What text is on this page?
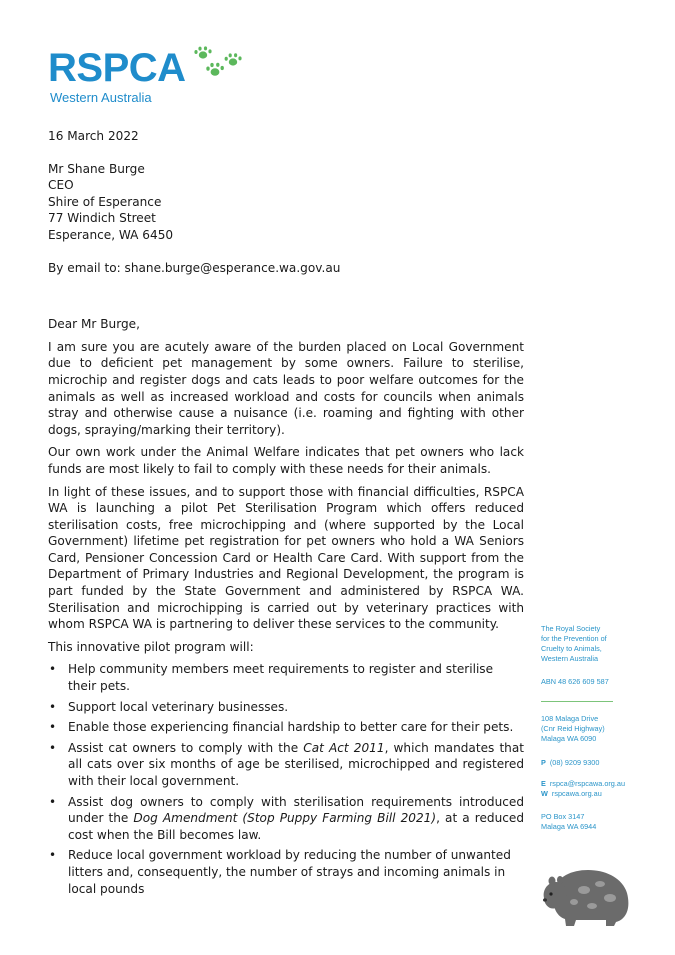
RSPCA
Western Australia

16 March 2022

Mr Shane Burge
CEO
Shire of Esperance
77 Windich Street
Esperance, WA 6450

By email to: shane.burge@esperance.wa.gov.au

Dear Mr Burge,

I am sure you are acutely aware of the burden placed on Local Government due to deficient pet management by some owners. Failure to sterilise, microchip and register dogs and cats leads to poor welfare outcomes for the animals as well as increased workload and costs for councils when animals stray and otherwise cause a nuisance (i.e. roaming and fighting with other dogs, spraying/marking their territory).

Our own work under the Animal Welfare indicates that pet owners who lack funds are most likely to fail to comply with these needs for their animals.

In light of these issues, and to support those with financial difficulties, RSPCA WA is launching a pilot Pet Sterilisation Program which offers reduced sterilisation costs, free microchipping and (where supported by the Local Government) lifetime pet registration for pet owners who hold a WA Seniors Card, Pensioner Concession Card or Health Care Card. With support from the Department of Primary Industries and Regional Development, the program is part funded by the State Government and administered by RSPCA WA. Sterilisation and microchipping is carried out by veterinary practices with whom RSPCA WA is partnering to deliver these services to the community.

This innovative pilot program will:

• Help community members meet requirements to register and sterilise their pets.
• Support local veterinary businesses.
• Enable those experiencing financial hardship to better care for their pets.
• Assist cat owners to comply with the Cat Act 2011, which mandates that all cats over six months of age be sterilised, microchipped and registered with their local government.
• Assist dog owners to comply with sterilisation requirements introduced under the Dog Amendment (Stop Puppy Farming Bill 2021), at a reduced cost when the Bill becomes law.
• Reduce local government workload by reducing the number of unwanted litters and, consequently, the number of strays and incoming animals in local pounds
The Royal Society
for the Prevention of
Cruelty to Animals,
Western Australia
ABN 48 626 609 587
108 Malaga Drive
(Cnr Reid Highway)
Malaga WA 6090
P (08) 9209 9300
E rspca@rspcawa.org.au
W rspcawa.org.au
PO Box 3147
Malaga WA 6944
